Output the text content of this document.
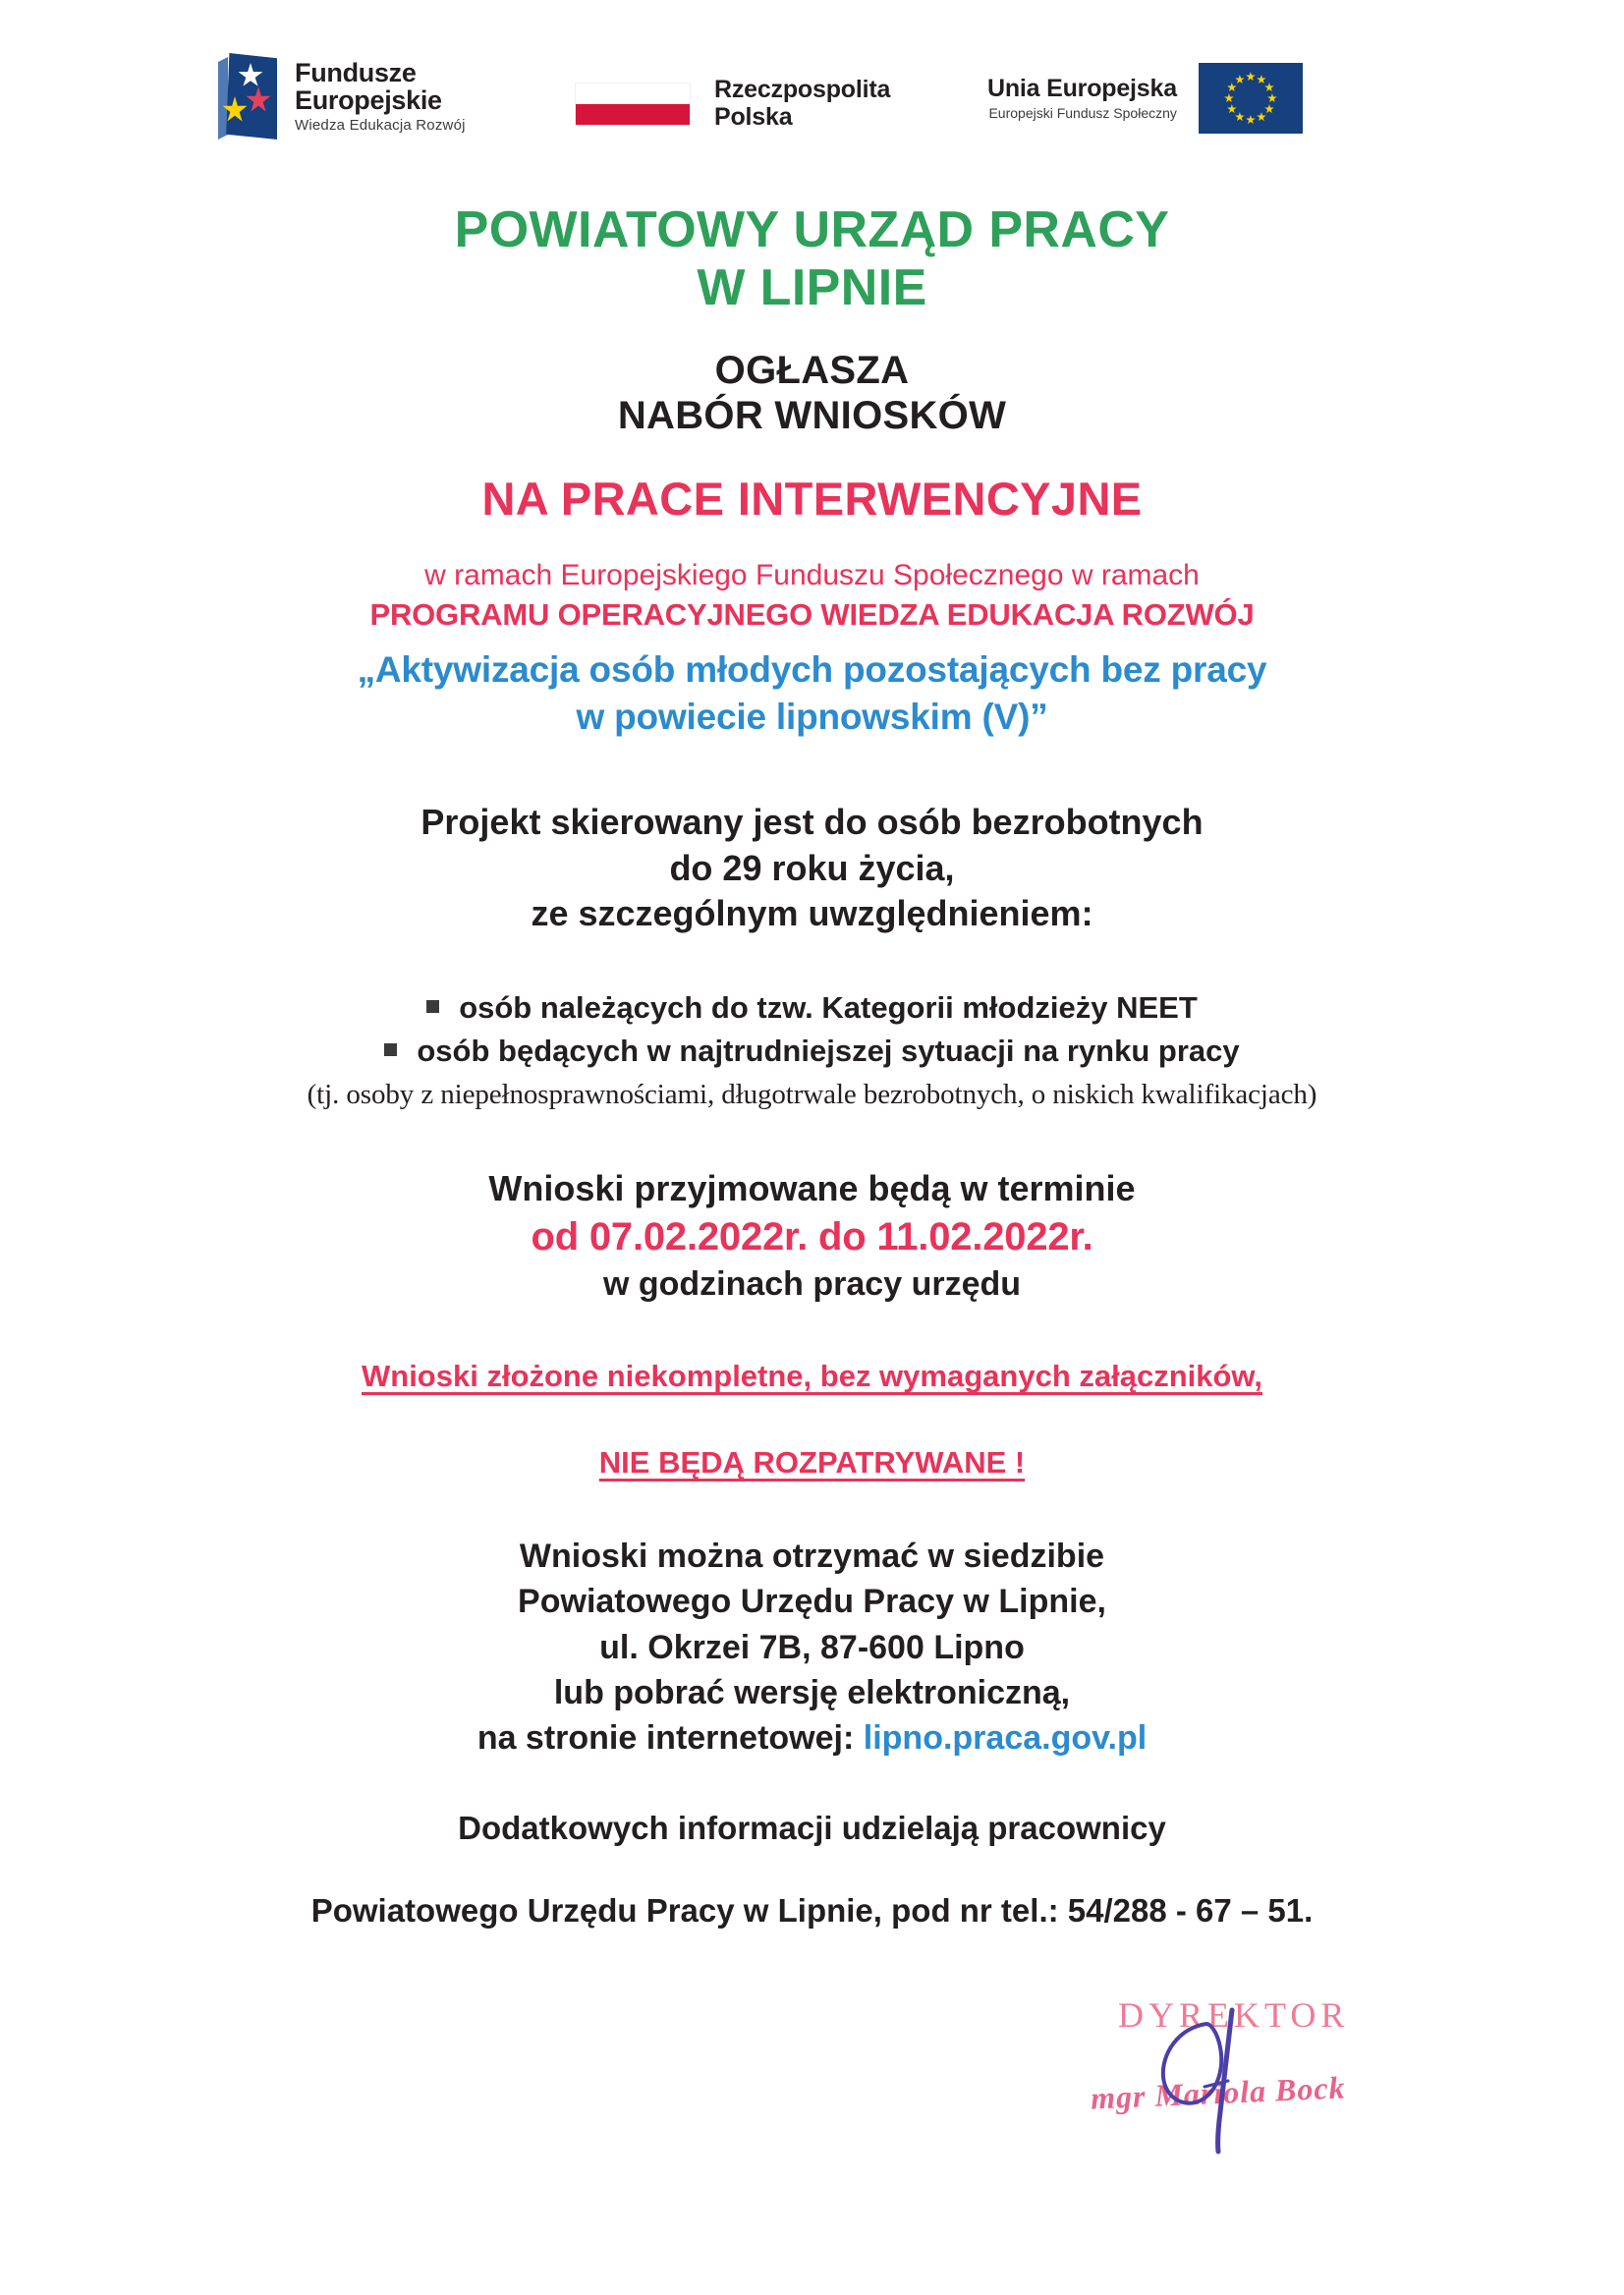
Fundusze
Europejskie
Wiedza Edukacja Rozwój
Rzeczpospolita
Polska
Unia Europejska
Europejski Fundusz Społeczny
POWIATOWY URZĄD PRACY
W LIPNIE
OGŁASZA
NABÓR WNIOSKÓW
NA PRACE INTERWENCYJNE
w ramach Europejskiego Funduszu Społecznego w ramach
PROGRAMU OPERACYJNEGO WIEDZA EDUKACJA ROZWÓJ
„Aktywizacja osób młodych pozostających bez pracy
w powiecie lipnowskim (V)”
Projekt skierowany jest do osób bezrobotnych
do 29 roku życia,
ze szczególnym uwzględnieniem:
osób należących do tzw. Kategorii młodzieży NEET
osób będących w najtrudniejszej sytuacji na rynku pracy
(tj. osoby z niepełnosprawnościami, długotrwale bezrobotnych, o niskich kwalifikacjach)
Wnioski przyjmowane będą w terminie
od 07.02.2022r. do 11.02.2022r.
w godzinach pracy urzędu
Wnioski złożone niekompletne, bez wymaganych załączników,
NIE BĘDĄ ROZPATRYWANE !
Wnioski można otrzymać w siedzibie
Powiatowego Urzędu Pracy w Lipnie,
ul. Okrzei 7B, 87-600 Lipno
lub pobrać wersję elektroniczną,
na stronie internetowej: lipno.praca.gov.pl
Dodatkowych informacji udzielają pracownicy
Powiatowego Urzędu Pracy w Lipnie, pod nr tel.: 54/288 - 67 – 51.
DYREKTOR
mgr Mariola Bock
